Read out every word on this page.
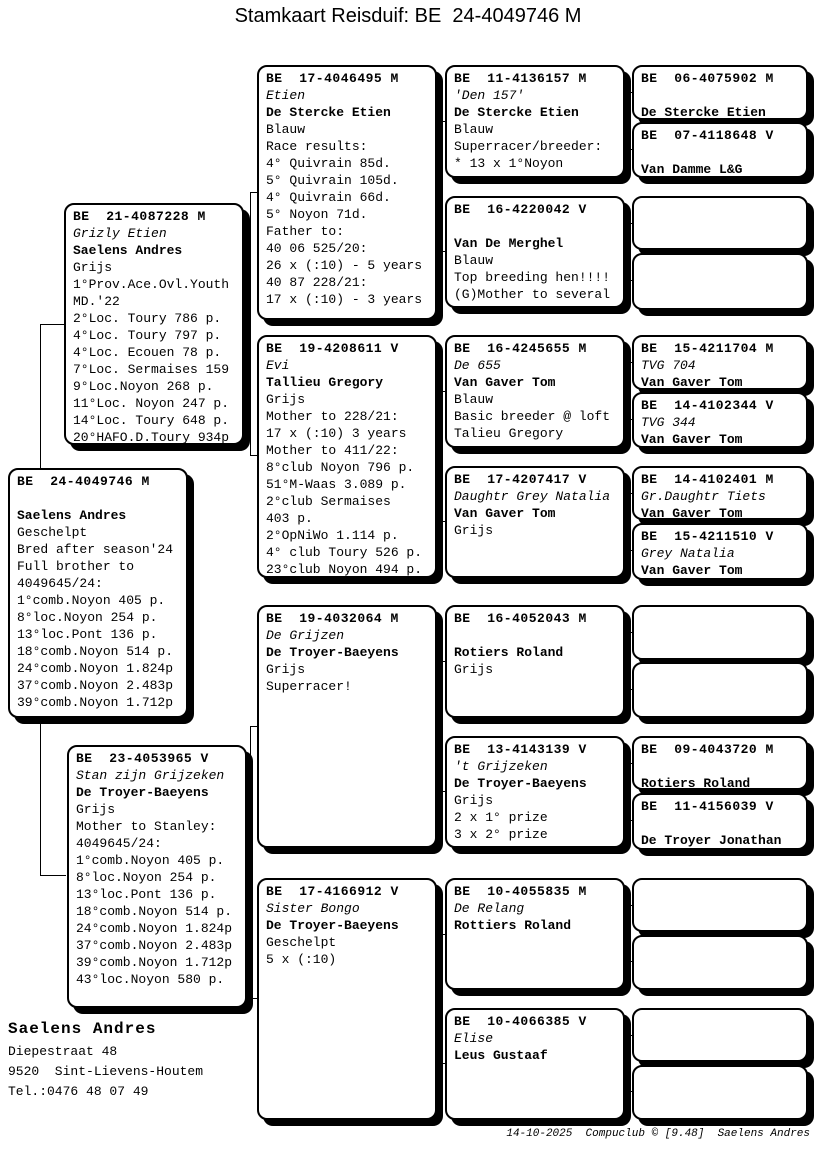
Stamkaart Reisduif: BE  24-4049746 M
BE  24-4049746 M
Saelens Andres
Geschelpt
Bred after season'24
Full brother to
4049645/24:
1°comb.Noyon 405 p.
8°loc.Noyon 254 p.
13°loc.Pont 136 p.
18°comb.Noyon 514 p.
24°comb.Noyon 1.824p
37°comb.Noyon 2.483p
39°comb.Noyon 1.712p
BE  21-4087228 M
Grizly Etien
Saelens Andres
Grijs
1°Prov.Ace.Ovl.Youth
MD.'22
2°Loc. Toury 786 p.
4°Loc. Toury 797 p.
4°Loc. Ecouen 78 p.
7°Loc. Sermaises 159
9°Loc.Noyon 268 p.
11°Loc. Noyon 247 p.
14°Loc. Toury 648 p.
20°HAFO.D.Toury 934p
BE  23-4053965 V
Stan zijn Grijzeken
De Troyer-Baeyens
Grijs
Mother to Stanley:
4049645/24:
1°comb.Noyon 405 p.
8°loc.Noyon 254 p.
13°loc.Pont 136 p.
18°comb.Noyon 514 p.
24°comb.Noyon 1.824p
37°comb.Noyon 2.483p
39°comb.Noyon 1.712p
43°loc.Noyon 580 p.
BE  17-4046495 M
Etien
De Stercke Etien
Blauw
Race results:
4° Quivrain 85d.
5° Quivrain 105d.
4° Quivrain 66d.
5° Noyon 71d.
Father to:
40 06 525/20:
26 x (:10) - 5 years
40 87 228/21:
17 x (:10) - 3 years
BE  19-4208611 V
Evi
Tallieu Gregory
Grijs
Mother to 228/21:
17 x (:10) 3 years
Mother to 411/22:
8°club Noyon 796 p.
51°M-Waas 3.089 p.
2°club Sermaises
403 p.
2°OpNiWo 1.114 p.
4° club Toury 526 p.
23°club Noyon 494 p.
BE  19-4032064 M
De Grijzen
De Troyer-Baeyens
Grijs
Superracer!
BE  17-4166912 V
Sister Bongo
De Troyer-Baeyens
Geschelpt
5 x (:10)
BE  11-4136157 M
'Den 157'
De Stercke Etien
Blauw
Superracer/breeder:
* 13 x 1°Noyon
BE  16-4220042 V
Van De Merghel
Blauw
Top breeding hen!!!!
(G)Mother to several
BE  16-4245655 M
De 655
Van Gaver Tom
Blauw
Basic breeder @ loft
Talieu Gregory
BE  17-4207417 V
Daughtr Grey Natalia
Van Gaver Tom
Grijs
BE  16-4052043 M
Rotiers Roland
Grijs
BE  13-4143139 V
't Grijzeken
De Troyer-Baeyens
Grijs
2 x 1° prize
3 x 2° prize
BE  10-4055835 M
De Relang
Rottiers Roland
BE  10-4066385 V
Elise
Leus Gustaaf
BE  06-4075902 M
De Stercke Etien
BE  07-4118648 V
Van Damme L&G
BE  15-4211704 M
TVG 704
Van Gaver Tom
BE  14-4102344 V
TVG 344
Van Gaver Tom
BE  14-4102401 M
Gr.Daughtr Tiets
Van Gaver Tom
BE  15-4211510 V
Grey Natalia
Van Gaver Tom
BE  09-4043720 M
Rotiers Roland
BE  11-4156039 V
De Troyer Jonathan
Saelens Andres
Diepestraat 48
9520  Sint-Lievens-Houtem
Tel.:0476 48 07 49
14-10-2025  Compuclub © [9.48]  Saelens Andres
